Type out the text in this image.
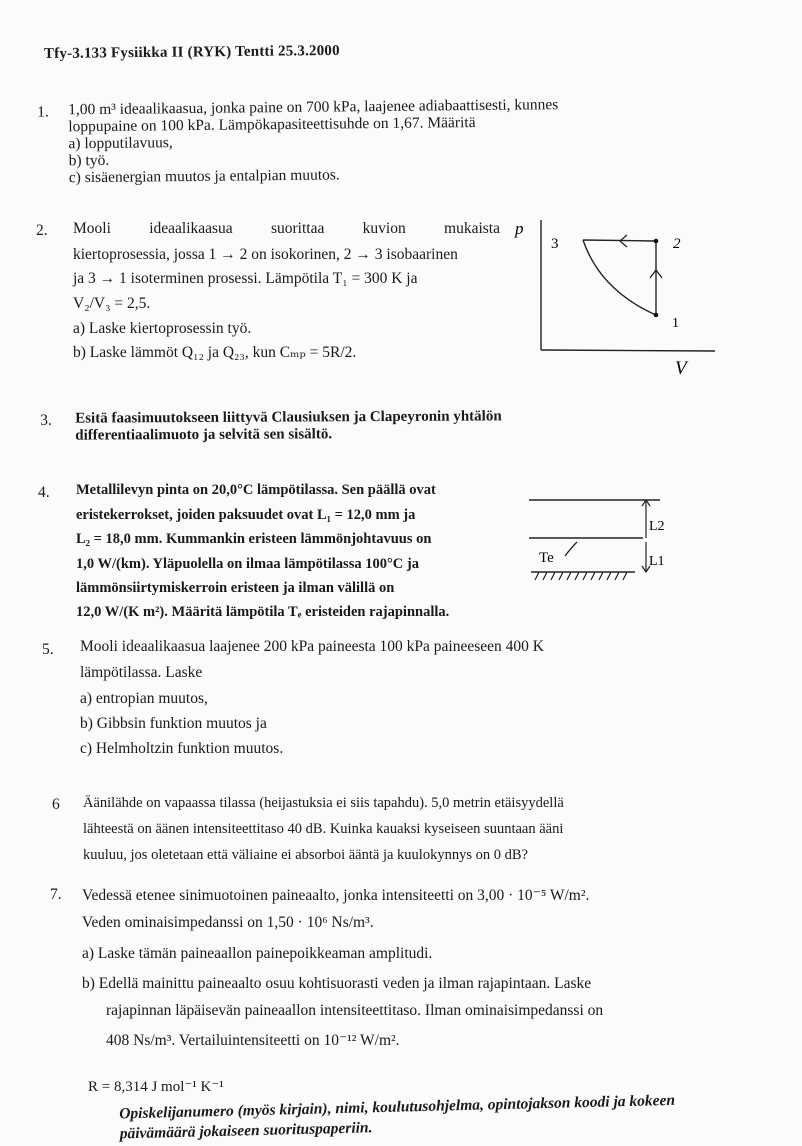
Tfy-3.133 Fysiikka II (RYK) Tentti 25.3.2000
1. 1,00 m³ ideaalikaasua, jonka paine on 700 kPa, laajenee adiabaattisesti, kunnes
loppupaine on 100 kPa. Lämpökapasiteettisuhde on 1,67. Määritä
a) lopputilavuus,
b) työ.
c) sisäenergian muutos ja entalpian muutos.
2. Mooli ideaalikaasua suorittaa kuvion mukaista
kiertoprosessia, jossa 1 → 2 on isokorinen, 2 → 3 isobaarinen
ja 3 → 1 isoterminen prosessi. Lämpötila T₁ = 300 K ja
V₂/V₃ = 2,5.
a) Laske kiertoprosessin työ.
b) Laske lämmöt Q₁₂ ja Q₂₃, kun Cₘₚ = 5R/2.
p
V
3	2
1
3. Esitä faasimuutokseen liittyvä Clausiuksen ja Clapeyronin yhtälön
differentiaalimuoto ja selvitä sen sisältö.
4. Metallilevyn pinta on 20,0°C lämpötilassa. Sen päällä ovat
eristekerrokset, joiden paksuudet ovat L₁ = 12,0 mm ja
L₂ = 18,0 mm. Kummankin eristeen lämmönjohtavuus on
1,0 W/(km). Yläpuolella on ilmaa lämpötilassa 100°C ja
lämmönsiirtymiskerroin eristeen ja ilman välillä on
12,0 W/(K m²). Määritä lämpötila Tₑ eristeiden rajapinnalla.
L2
L1
Te
5. Mooli ideaalikaasua laajenee 200 kPa paineesta 100 kPa paineeseen 400 K
lämpötilassa. Laske
a) entropian muutos,
b) Gibbsin funktion muutos ja
c) Helmholtzin funktion muutos.
6 Äänilähde on vapaassa tilassa (heijastuksia ei siis tapahdu). 5,0 metrin etäisyydellä
lähteestä on äänen intensiteettitaso 40 dB. Kuinka kauaksi kyseiseen suuntaan ääni
kuuluu, jos oletetaan että väliaine ei absorboi ääntä ja kuulokynnys on 0 dB?
7. Vedessä etenee sinimuotoinen paineaalto, jonka intensiteetti on 3,00 · 10⁻⁵ W/m².
Veden ominaisimpedanssi on 1,50 · 10⁶ Ns/m³.
a) Laske tämän paineaallon painepoikkeaman amplitudi.
b) Edellä mainittu paineaalto osuu kohtisuorasti veden ja ilman rajapintaan. Laske
rajapinnan läpäisevän paineaallon intensiteettitaso. Ilman ominaisimpedanssi on
408 Ns/m³. Vertailuintensiteetti on 10⁻¹² W/m².
R = 8,314 J mol⁻¹ K⁻¹
Opiskelijanumero (myös kirjain), nimi, koulutusohjelma, opintojakson koodi ja kokeen
päivämäärä jokaiseen suorituspaperiin.
